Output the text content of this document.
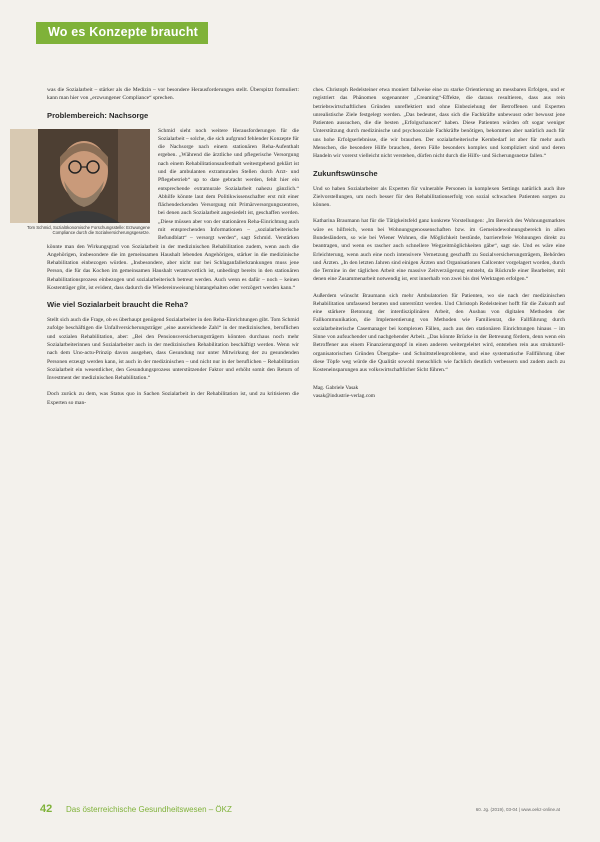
Wo es Konzepte braucht

was die Sozialarbeit – stärker als die Medizin – vor besondere Herausforderungen stellt. Überspitzt formuliert: kann man hier von „erzwungener Compliance“ sprechen.

Problembereich: Nachsorge
Tom Schmid, Sozialökonomische Forschungsstelle: Erzwungene Compliance durch die Sozialversicherungsgesetze.

Schmid sieht noch weitere Herausforderungen für die Sozialarbeit – solche, die sich aufgrund fehlender Konzepte für die Nachsorge nach einem stationären Reha-Aufenthalt ergeben. „Während die ärztliche und pflegerische Versorgung nach einem Rehabilitationsaufenthalt weitestgehend geklärt ist und die ambulanten extramuralen Stellen durch Arzt- und Pflegebetrieb“ up to date gebracht werden, fehlt hier ein entsprechende extramurale Sozialarbeit nahezu gänzlich.“ Abhilfe könnte laut dem Politikwissenschafter erst mit einer flächendeckenden Versorgung mit Primärversorgungszentren, bei denen auch Sozialarbeit angesiedelt ist, geschaffen werden. „Diese müssen aber von der stationären Reha-Einrichtung auch mit entsprechenden Informationen – „sozialarbeiterische Befundblatt“ – versorgt werden“, sagt Schmid. Verstärken könnte man den Wirkungsgrad von Sozialarbeit in der medizinischen Rehabilitation zudem, wenn auch die Angehörigen, insbesondere die im gemeinsamen Haushalt lebenden Angehörigen, stärker in die medizinische Rehabilitation einbezogen würden. „Insbesondere, aber nicht nur bei Schlaganfallerkrankungen muss jene Person, die für das Kochen im gemeinsamen Haushalt verantwortlich ist, unbedingt bereits in den stationären Rehabilitationsprozess einbezogen und sozialarbeiterisch betreut werden. Auch wenn es dafür – noch – keinen Kostenträger gibt, ist evident, dass dadurch die Wiedereinweisung hintangehalten oder verzögert werden kann.“

Wie viel Sozialarbeit braucht die Reha?

Stellt sich auch die Frage, ob es überhaupt genügend Sozialarbeiter in den Reha-Einrichtungen gibt. Tom Schmid zufolge beschäftigen die Unfallversicherungsträger „eine ausreichende Zahl“ in der medizinischen, beruflichen und sozialen Rehabilitation, aber: „Bei den Pensionsversicherungsträgern könnten durchaus noch mehr Sozialarbeiterinnen und Sozialarbeiter auch in der medizinischen Rehabilitation beschäftigt werden. Wenn wir nach dem Uno-actu-Prinzip davon ausgehen, dass Gesundung nur unter Mitwirkung der zu gesundenden Personen erzeugt werden kann, ist auch in der medizinischen – und nicht nur in der beruflichen – Rehabilitation Sozialarbeit ein wesentlicher, den Gesundungsprozess unterstützender Faktor und erhöht somit den Return of Investment der medizinischen Rehabilitation.“

Doch zurück zu dem, was Status quo in Sachen Sozialarbeit in der Rehabilitation ist, und zu kritisieren die Experten so man-

ches. Christoph Redelsteiner etwa moniert fallweise eine zu starke Orientierung an messbaren Erfolgen, und er registriert das Phänomen sogenannter „Creaming“-Effekte, die daraus resultieren, dass aus rein betriebswirtschaftlichen Gründen unreflektiert und ohne Einbeziehung der Betroffenen und Experten unrealistische Ziele festgelegt werden. „Das bedeutet, dass sich die Fachkräfte unbewusst oder bewusst jene Patienten aussuchen, die die besten „Erfolgschancen“ haben. Diese Patienten würden oft sogar weniger Unterstützung durch medizinische und psychosoziale Fachkräfte benötigen, bekommen aber natürlich auch für uns hohe Erfolgserlebnisse, die wir brauchen. Der sozialarbeiterische Kernbedarf ist aber für mehr auch Menschen, die besondere Hilfe brauchen, deren Fälle besonders komplex und kompliziert sind und deren Handeln wir vorerst vielleicht nicht verstehen, dürfen nicht durch die Hilfs- und Sicherungsnetze fallen.“

Zukunftswünsche

Und so haben Sozialarbeiter als Experten für vulnerable Personen in komplexen Settings natürlich auch ihre Zielvorstellungen, um noch besser für den Rehabilitationserfolg von sozial schwachen Patienten sorgen zu können.

Katharina Braumann hat für die Tätigkeitsfeld ganz konkrete Vorstellungen: „Im Bereich des Wohnungsmarktes wäre es hilfreich, wenn bei Wohnungsgenossenschaften bzw. im Gemeindewohnungsbereich in allen Bundesländern, so wie bei Wiener Wohnen, die Möglichkeit bestünde, barrierefreie Wohnungen direkt zu beantragen, und wenn es rascher auch schnellere Wegzeitmöglichkeiten gäbe“, sagt sie. Und es wäre eine Erleichterung, wenn auch eine noch intensivere Vernetzung geschafft zu Sozialversicherungsträgern, Behörden und Ärzten. „In den letzten Jahren sind einigen Ärzten und Organisationen Callcenter vorgelagert worden, durch die Termine in der täglichen Arbeit eine massive Zeitverzögerung entsteht, da Rückrufe einer Bearbeiter, mit denen eine Zusammenarbeit notwendig ist, erst innerhalb von zwei bis drei Werktagen erfolgen.“

Außerdem wünscht Braumann sich mehr Ambulatorien für Patienten, wo sie nach der medizinischen Rehabilitation umfassend beraten und unterstützt werden. Und Christoph Redelsteiner hofft für die Zukunft auf eine stärkere Betonung der interdisziplinären Arbeit, den Ausbau von digitalen Methoden der Fallkommunikation, die Implementierung von Methoden wie Familienrat, die Fallführung durch sozialarbeiterische Casemanager bei komplexen Fällen, auch aus den stationären Einrichtungen hinaus – im Sinne von aufsuchender und nachgehender Arbeit. „Das könnte Brücke in der Betreuung fördern, denn wenn ein Betroffener aus einem Finanzierungstopf in einen anderen weitergeleitet wird, entstehen rein aus strukturell-organisatorischen Gründen Übergabe- und Schnittstellenprobleme, und eine systematische Fallführung über diese Töpfe weg würde die Qualität sowohl menschlich wie fachlich deutlich verbessern und zudem auch zu Kosteneinsparungen aus volkswirtschaftlicher Sicht führen.“

Mag. Gabriele Vasak
vasak@industrie-verlag.com
42 Das österreichische Gesundheitswesen – ÖKZ	60. Jg. (2019), 03-04 | www.oekz-online.at
